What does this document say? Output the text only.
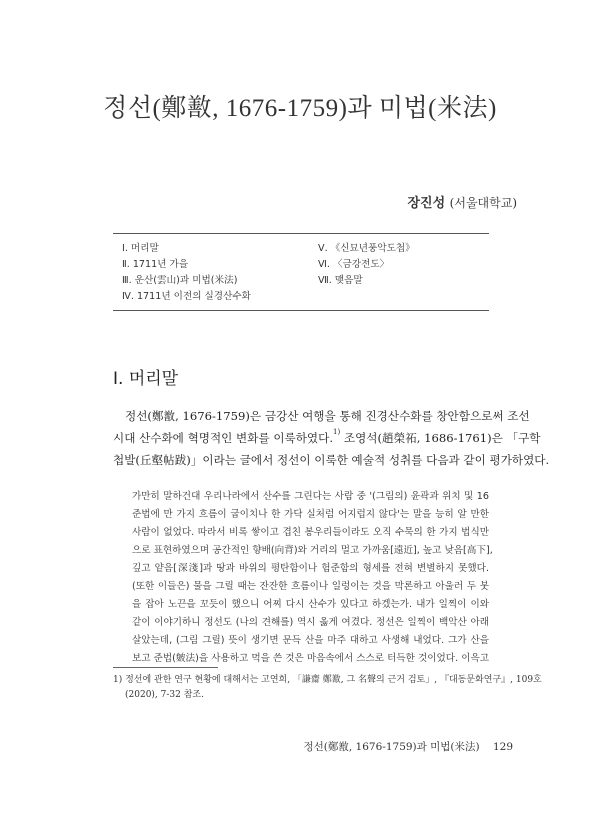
정선(鄭敾, 1676-1759)과 미법(米法)
장진성 (서울대학교)
Ⅰ. 머리말
Ⅱ. 1711년 가을
Ⅲ. 운산(雲山)과 미법(米法)
Ⅳ. 1711년 이전의 실경산수화
Ⅴ. 《신묘년풍악도첩》
Ⅵ. 〈금강전도〉
Ⅶ. 맺음말
Ⅰ. 머리말
정선(鄭敾, 1676-1759)은 금강산 여행을 통해 진경산수화를 창안함으로써 조선
시대 산수화에 혁명적인 변화를 이룩하였다.$^{1)}$ 조영석(趙榮祏, 1686-1761)은 「구학
첩발(丘壑帖跋)」이라는 글에서 정선이 이룩한 예술적 성취를 다음과 같이 평가하였다.
가만히 말하건대 우리나라에서 산수를 그린다는 사람 중 '(그림의) 윤곽과 위치 및 16
준법에 만 가지 흐름이 굽이치나 한 가닥 실처럼 어지럽지 않다'는 말을 능히 알 만한
사람이 없었다. 따라서 비록 쌓이고 겹친 봉우리들이라도 오직 수묵의 한 가지 법식만
으로 표현하였으며 공간적인 향배(向背)와 거리의 멀고 가까움[遠近], 높고 낮음[高下],
깊고 얕음[深淺]과 땅과 바위의 평탄함이나 험준함의 형세를 전혀 변별하지 못했다.
(또한 이들은) 물을 그릴 때는 잔잔한 흐름이나 일렁이는 것을 막론하고 아울러 두 붓
을 잡아 노끈을 꼬듯이 했으니 어찌 다시 산수가 있다고 하겠는가. 내가 일찍이 이와
같이 이야기하니 정선도 (나의 견해를) 역시 옳게 여겼다. 정선은 일찍이 백악산 아래
살았는데, (그림 그릴) 뜻이 생기면 문득 산을 마주 대하고 사생해 내었다. 그가 산을
보고 준법(皴法)을 사용하고 먹을 쓴 것은 마음속에서 스스로 터득한 것이었다. 이윽고
1) 정선에 관한 연구 현황에 대해서는 고연희, 「謙齋 鄭敾, 그 名聲의 근거 검토」, 『대동문화연구』, 109호
(2020), 7-32 참조.
정선(鄭敾, 1676-1759)과 미법(米法) 129
